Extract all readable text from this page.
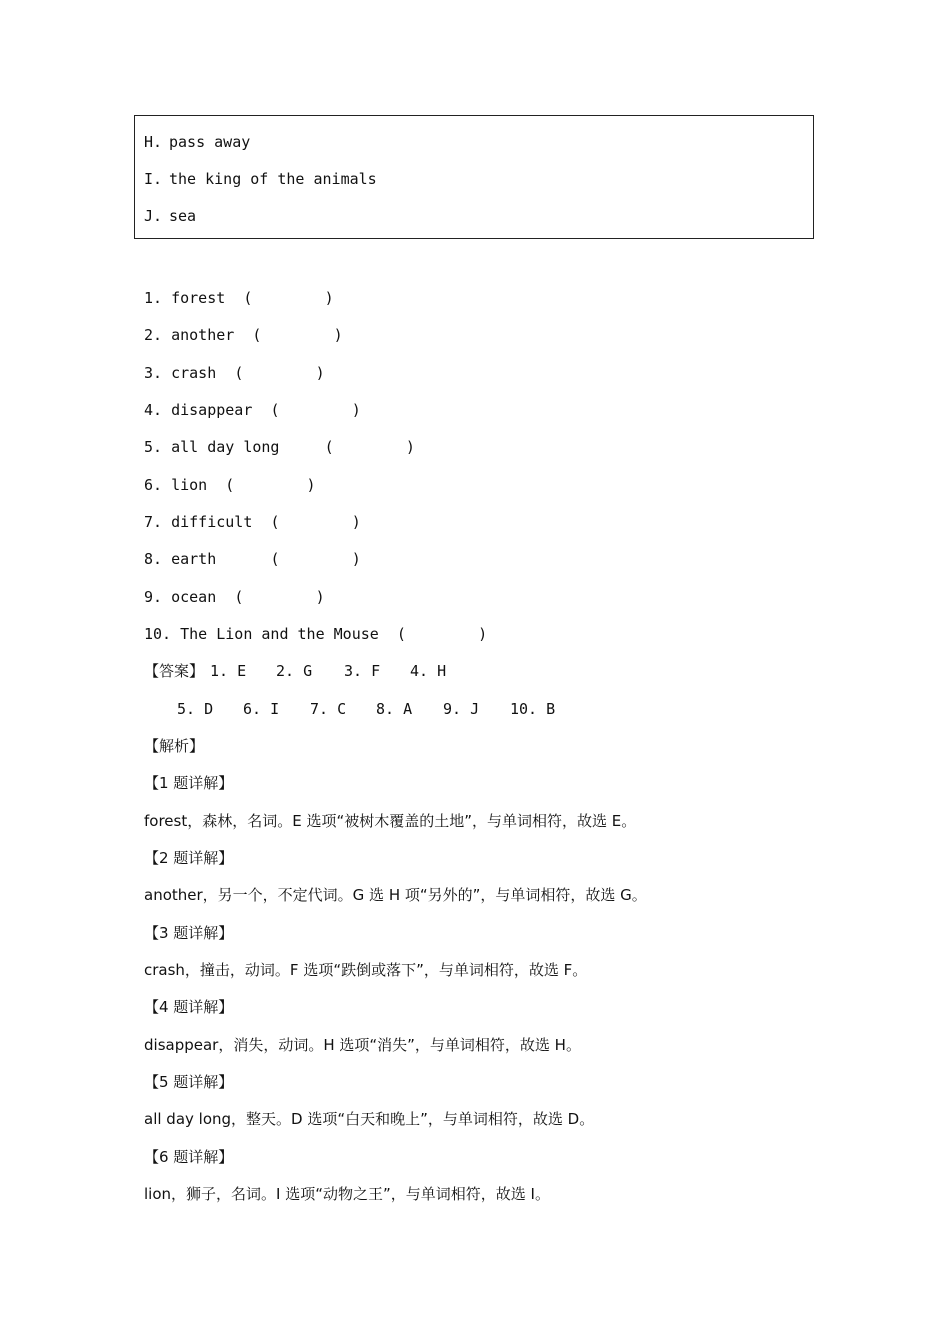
H. pass away
I. the king of the animals
J. sea
1. forest (        )
2. another (        )
3. crash (        )
4. disappear (        )
5. all day long	(        )
6. lion (        )
7. difficult (        )
8. earth	(        )
9. ocean (        )
10. The Lion and the Mouse (        )

【答案】

1. E

2. G

3. F

4. H

5. D

6. I

7. C

8. A

9. J

10. B

【解析】
【1 题详解】
forest，森林，名词。E 选项“被树木覆盖的土地”，与单词相符，故选 E。
【2 题详解】
another，另一个，不定代词。G 选 H 项“另外的”，与单词相符，故选 G。
【3 题详解】
crash，撞击，动词。F 选项“跌倒或落下”，与单词相符，故选 F。
【4 题详解】
disappear，消失，动词。H 选项“消失”，与单词相符，故选 H。
【5 题详解】
all day long，整天。D 选项“白天和晚上”，与单词相符，故选 D。
【6 题详解】
lion，狮子，名词。I 选项“动物之王”，与单词相符，故选 I。
